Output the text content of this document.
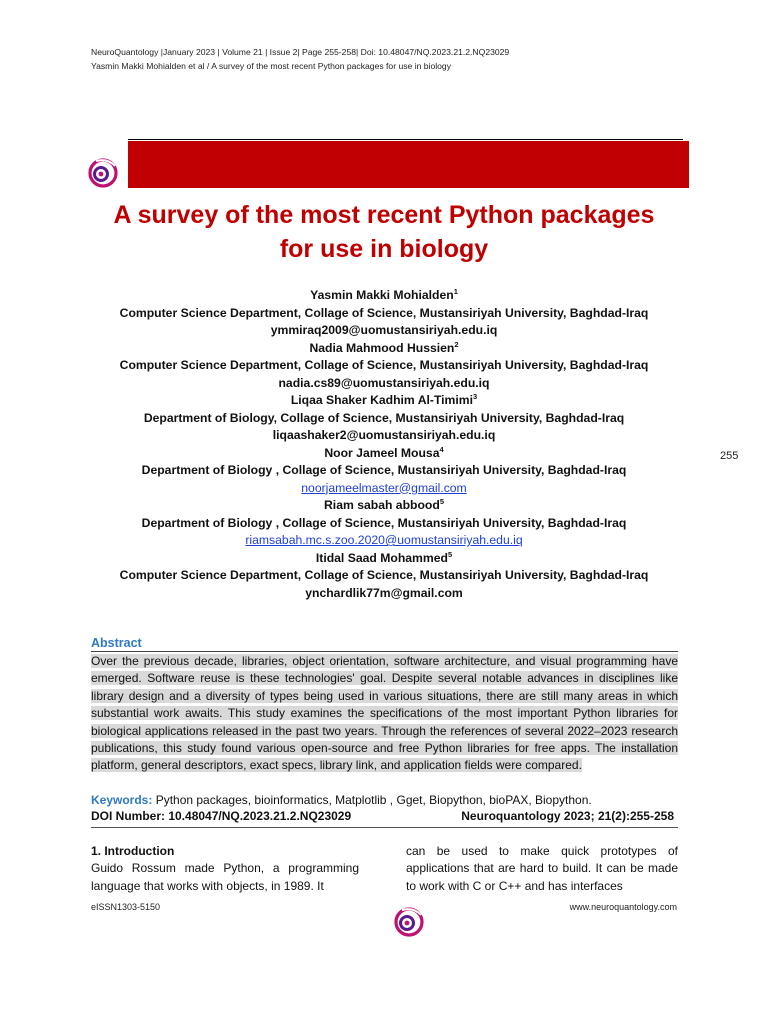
NeuroQuantology |January 2023 | Volume 21 | Issue 2| Page 255-258| Doi: 10.48047/NQ.2023.21.2.NQ23029
Yasmin Makki Mohialden et al / A survey of the most recent Python packages for use in biology
A survey of the most recent Python packages
for use in biology
Yasmin Makki Mohialden$^1$
Computer Science Department, Collage of Science, Mustansiriyah University, Baghdad-Iraq
ymmiraq2009@uomustansiriyah.edu.iq
Nadia Mahmood Hussien$^2$
Computer Science Department, Collage of Science, Mustansiriyah University, Baghdad-Iraq
nadia.cs89@uomustansiriyah.edu.iq
Liqaa Shaker Kadhim Al-Timimi$^3$
Department of Biology, Collage of Science, Mustansiriyah University, Baghdad-Iraq
liqaashaker2@uomustansiriyah.edu.iq
Noor Jameel Mousa$^4$
Department of Biology , Collage of Science, Mustansiriyah University, Baghdad-Iraq
noorjameelmaster@gmail.com
Riam sabah abbood$^5$
Department of Biology , Collage of Science, Mustansiriyah University, Baghdad-Iraq
riamsabah.mc.s.zoo.2020@uomustansiriyah.edu.iq
Itidal Saad Mohammed$^5$
Computer Science Department, Collage of Science, Mustansiriyah University, Baghdad-Iraq
ynchardlik77m@gmail.com
255
Abstract
Over the previous decade, libraries, object orientation, software architecture, and visual programming have emerged. Software reuse is these technologies' goal. Despite several notable advances in disciplines like library design and a diversity of types being used in various situations, there are still many areas in which substantial work awaits. This study examines the specifications of the most important Python libraries for biological applications released in the past two years. Through the references of several 2022–2023 research publications, this study found various open-source and free Python libraries for free apps. The installation platform, general descriptors, exact specs, library link, and application fields were compared.
Keywords: Python packages, bioinformatics, Matplotlib , Gget, Biopython, bioPAX, Biopython.
DOI Number: 10.48047/NQ.2023.21.2.NQ23029	Neuroquantology 2023; 21(2):255-258
1. Introduction
Guido Rossum made Python, a programming language that works with objects, in 1989. It
can be used to make quick prototypes of applications that are hard to build. It can be made to work with C or C++ and has interfaces
eISSN1303-5150	www.neuroquantology.com
